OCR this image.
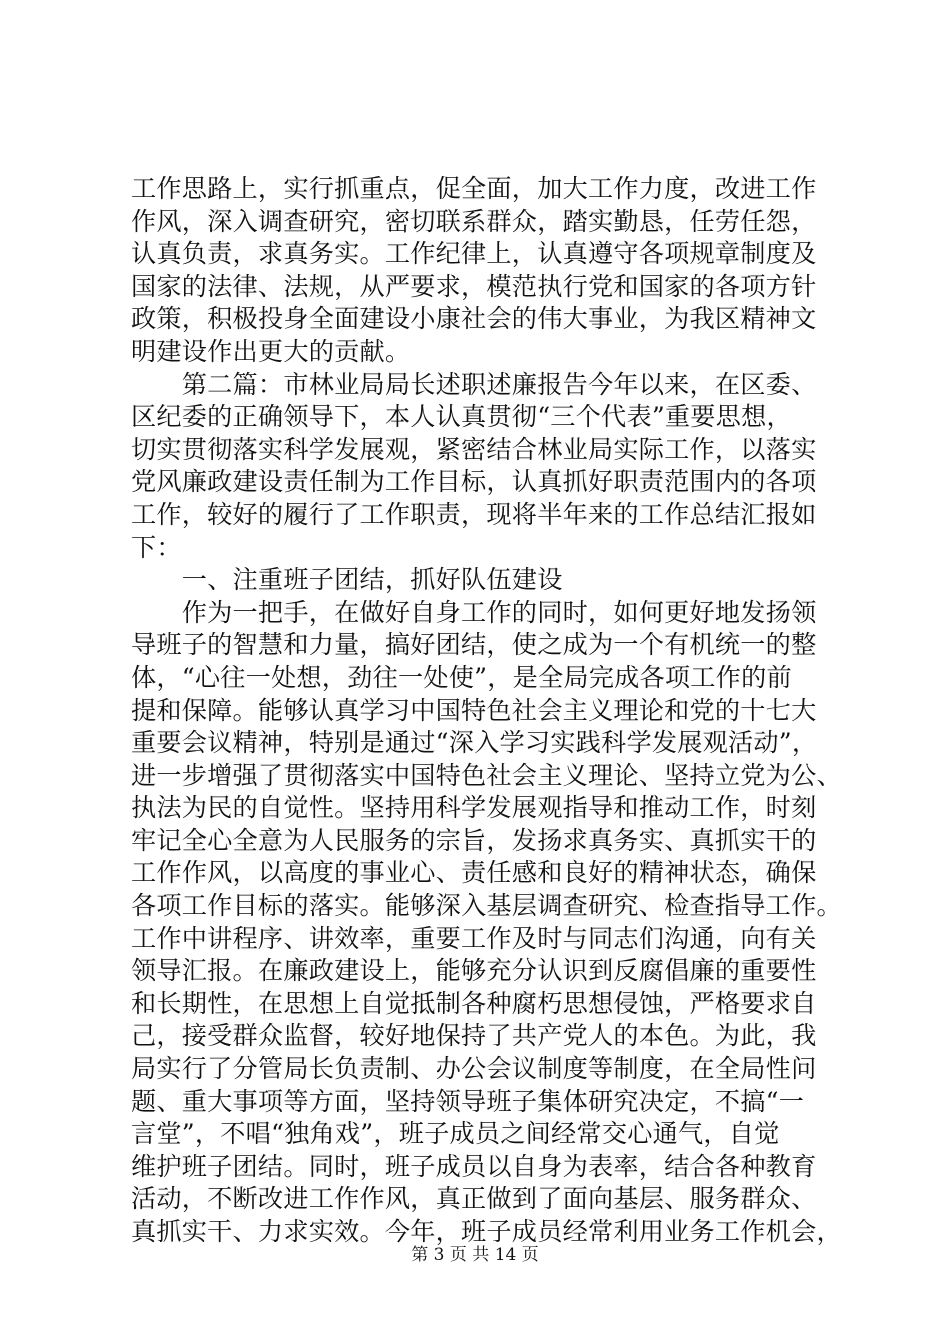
工作思路上，实行抓重点，促全面，加大工作力度，改进工作
作风，深入调查研究，密切联系群众，踏实勤恳，任劳任怨，
认真负责，求真务实。工作纪律上，认真遵守各项规章制度及
国家的法律、法规，从严要求，模范执行党和国家的各项方针
政策，积极投身全面建设小康社会的伟大事业，为我区精神文
明建设作出更大的贡献。
　　第二篇：市林业局局长述职述廉报告今年以来，在区委、
区纪委的正确领导下，本人认真贯彻“三个代表”重要思想，
切实贯彻落实科学发展观，紧密结合林业局实际工作，以落实
党风廉政建设责任制为工作目标，认真抓好职责范围内的各项
工作，较好的履行了工作职责，现将半年来的工作总结汇报如
下：
　　一、注重班子团结，抓好队伍建设
　　作为一把手，在做好自身工作的同时，如何更好地发扬领
导班子的智慧和力量，搞好团结，使之成为一个有机统一的整
体，“心往一处想，劲往一处使”，是全局完成各项工作的前
提和保障。能够认真学习中国特色社会主义理论和党的十七大
重要会议精神，特别是通过“深入学习实践科学发展观活动”，
进一步增强了贯彻落实中国特色社会主义理论、坚持立党为公、
执法为民的自觉性。坚持用科学发展观指导和推动工作，时刻
牢记全心全意为人民服务的宗旨，发扬求真务实、真抓实干的
工作作风，以高度的事业心、责任感和良好的精神状态，确保
各项工作目标的落实。能够深入基层调查研究、检查指导工作。
工作中讲程序、讲效率，重要工作及时与同志们沟通，向有关
领导汇报。在廉政建设上，能够充分认识到反腐倡廉的重要性
和长期性，在思想上自觉抵制各种腐朽思想侵蚀，严格要求自
己，接受群众监督，较好地保持了共产党人的本色。为此，我
局实行了分管局长负责制、办公会议制度等制度，在全局性问
题、重大事项等方面，坚持领导班子集体研究决定，不搞“一
言堂”，不唱“独角戏”，班子成员之间经常交心通气，自觉
维护班子团结。同时，班子成员以自身为表率，结合各种教育
活动，不断改进工作作风，真正做到了面向基层、服务群众、
真抓实干、力求实效。今年，班子成员经常利用业务工作机会，
第 3 页 共 14 页
